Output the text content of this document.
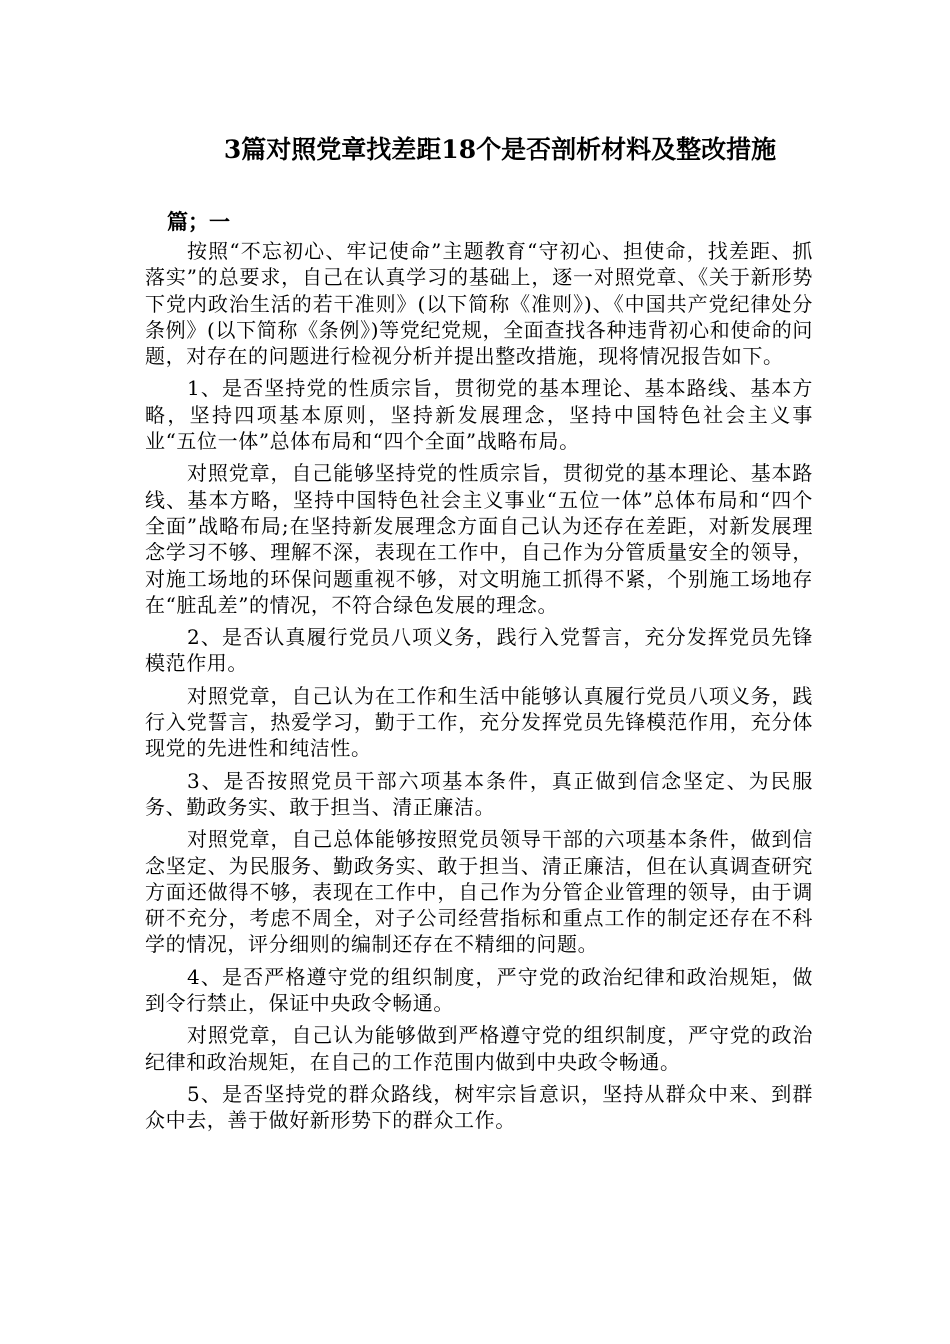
3篇对照党章找差距18个是否剖析材料及整改措施

篇；一

按照“不忘初心、牢记使命”主题教育“守初心、担使命，找差距、抓落实”的总要求，自己在认真学习的基础上，逐一对照党章、《关于新形势下党内政治生活的若干准则》(以下简称《准则》)、《中国共产党纪律处分条例》(以下简称《条例》)等党纪党规，全面查找各种违背初心和使命的问题，对存在的问题进行检视分析并提出整改措施，现将情况报告如下。

1、是否坚持党的性质宗旨，贯彻党的基本理论、基本路线、基本方略，坚持四项基本原则，坚持新发展理念，坚持中国特色社会主义事业“五位一体”总体布局和“四个全面”战略布局。

对照党章，自己能够坚持党的性质宗旨，贯彻党的基本理论、基本路线、基本方略，坚持中国特色社会主义事业“五位一体”总体布局和“四个全面”战略布局;在坚持新发展理念方面自己认为还存在差距，对新发展理念学习不够、理解不深，表现在工作中，自己作为分管质量安全的领导，对施工场地的环保问题重视不够，对文明施工抓得不紧，个别施工场地存在“脏乱差”的情况，不符合绿色发展的理念。

2、是否认真履行党员八项义务，践行入党誓言，充分发挥党员先锋模范作用。

对照党章，自己认为在工作和生活中能够认真履行党员八项义务，践行入党誓言，热爱学习，勤于工作，充分发挥党员先锋模范作用，充分体现党的先进性和纯洁性。

3、是否按照党员干部六项基本条件，真正做到信念坚定、为民服务、勤政务实、敢于担当、清正廉洁。

对照党章，自己总体能够按照党员领导干部的六项基本条件，做到信念坚定、为民服务、勤政务实、敢于担当、清正廉洁，但在认真调查研究方面还做得不够，表现在工作中，自己作为分管企业管理的领导，由于调研不充分，考虑不周全，对子公司经营指标和重点工作的制定还存在不科学的情况，评分细则的编制还存在不精细的问题。

4、是否严格遵守党的组织制度，严守党的政治纪律和政治规矩，做到令行禁止，保证中央政令畅通。

对照党章，自己认为能够做到严格遵守党的组织制度，严守党的政治纪律和政治规矩，在自己的工作范围内做到中央政令畅通。

5、是否坚持党的群众路线，树牢宗旨意识，坚持从群众中来、到群众中去，善于做好新形势下的群众工作。
